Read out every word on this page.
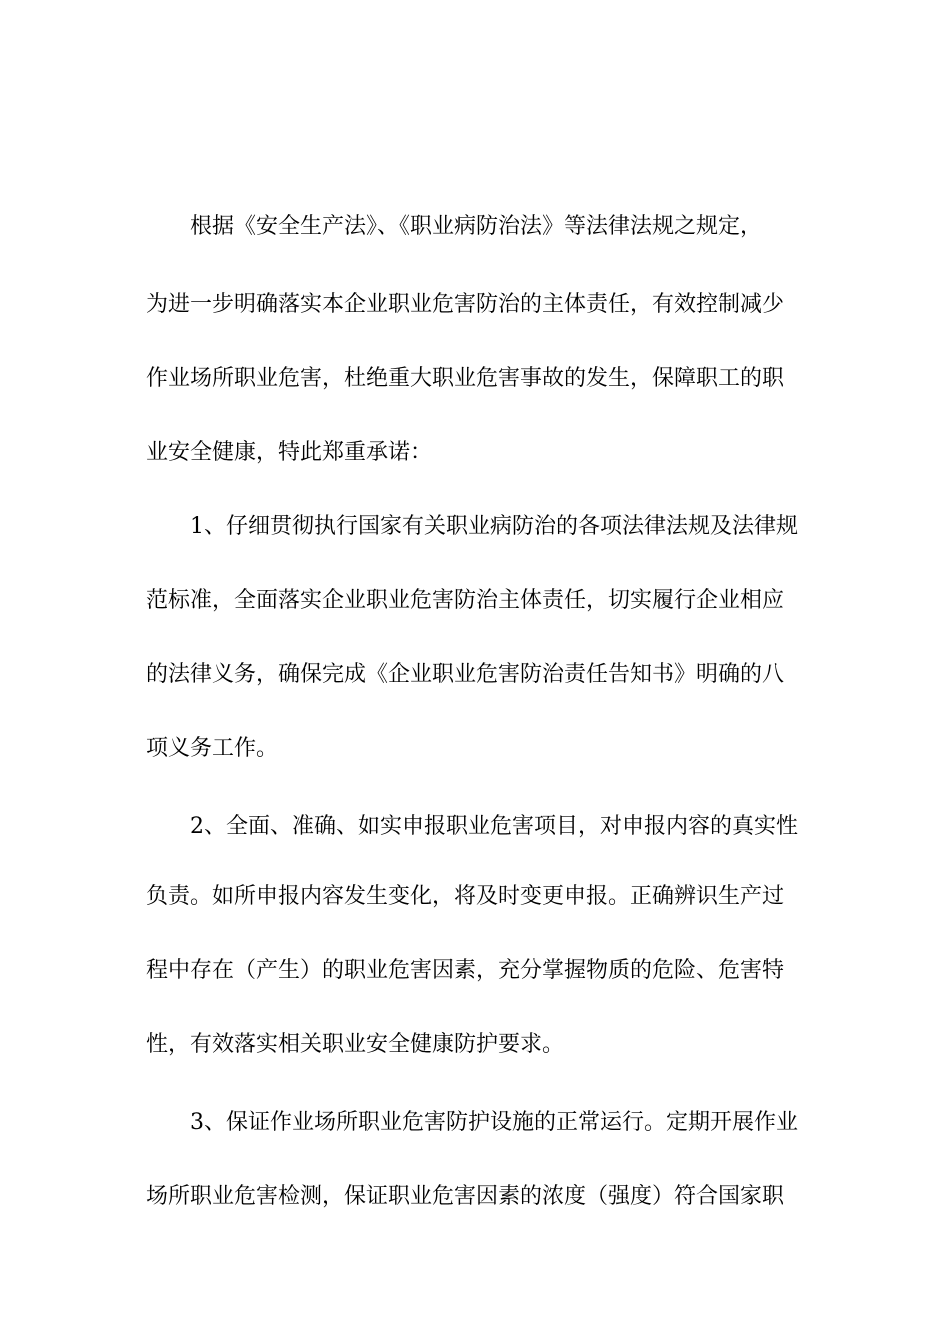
根据《安全生产法》、《职业病防治法》等法律法规之规定，
为进一步明确落实本企业职业危害防治的主体责任，有效控制减少
作业场所职业危害，杜绝重大职业危害事故的发生，保障职工的职
业安全健康，特此郑重承诺：
1、仔细贯彻执行国家有关职业病防治的各项法律法规及法律规
范标准，全面落实企业职业危害防治主体责任，切实履行企业相应
的法律义务，确保完成《企业职业危害防治责任告知书》明确的八
项义务工作。
2、全面、准确、如实申报职业危害项目，对申报内容的真实性
负责。如所申报内容发生变化，将及时变更申报。正确辨识生产过
程中存在（产生）的职业危害因素，充分掌握物质的危险、危害特
性，有效落实相关职业安全健康防护要求。
3、保证作业场所职业危害防护设施的正常运行。定期开展作业
场所职业危害检测，保证职业危害因素的浓度（强度）符合国家职
